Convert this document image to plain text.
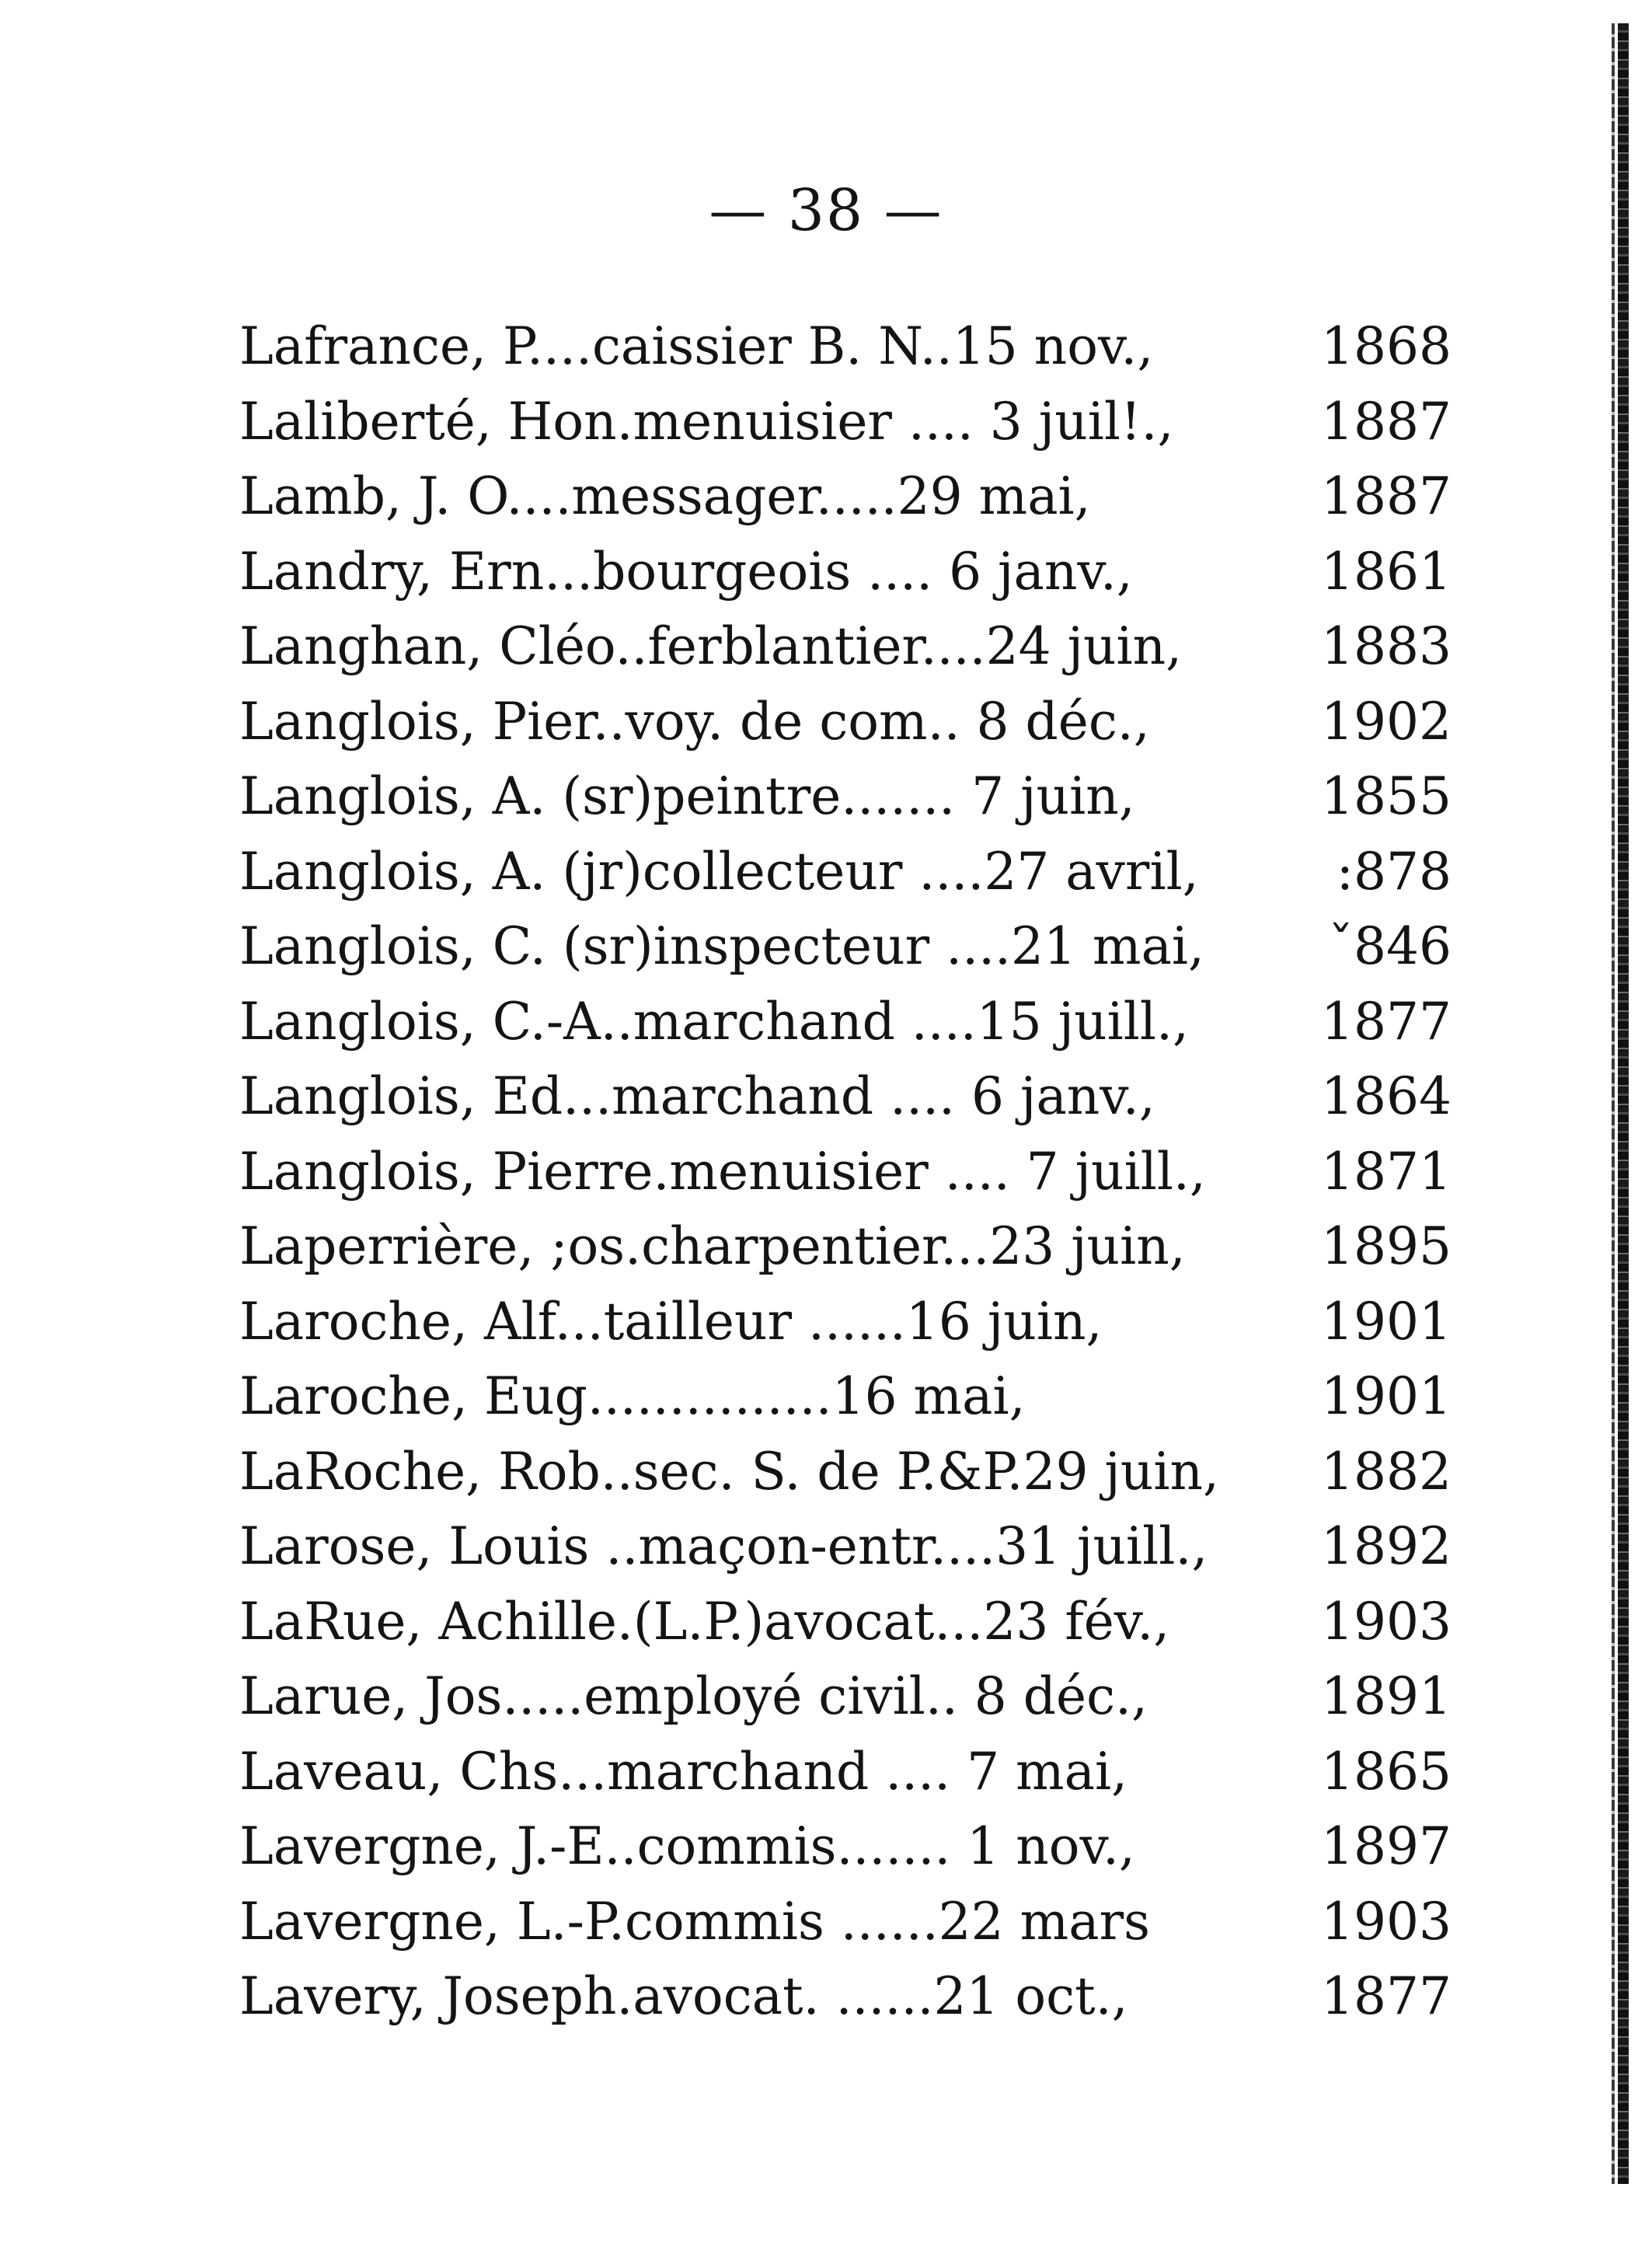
— 38 —
Lafrance, P....caissier B. N..15 nov.,	1868
Laliberté, Hon.menuisier .... 3 juil!.,	1887
Lamb, J. O....messager.....29 mai,	1887
Landry, Ern...bourgeois .... 6 janv.,	1861
Langhan, Cléo..ferblantier....24 juin,	1883
Langlois, Pier..voy. de com.. 8 déc.,	1902
Langlois, A. (sr)peintre....... 7 juin,	1855
Langlois, A. (jr)collecteur ....27 avril,	:878
Langlois, C. (sr)inspecteur ....21 mai,	ˇ846
Langlois, C.-A..marchand ....15 juill.,	1877
Langlois, Ed...marchand .... 6 janv.,	1864
Langlois, Pierre.menuisier .... 7 juill.,	1871
Laperrière, ;os.charpentier...23 juin,	1895
Laroche, Alf...tailleur ......16 juin,	1901
Laroche, Eug...............16 mai,	1901
LaRoche, Rob..sec. S. de P.&P.29 juin,	1882
Larose, Louis ..maçon-entr....31 juill.,	1892
LaRue, Achille.(L.P.)avocat...23 fév.,	1903
Larue, Jos.....employé civil.. 8 déc.,	1891
Laveau, Chs...marchand .... 7 mai,	1865
Lavergne, J.-E..commis....... 1 nov.,	1897
Lavergne, L.-P.commis ......22 mars	1903
Lavery, Joseph.avocat. ......21 oct.,	1877
